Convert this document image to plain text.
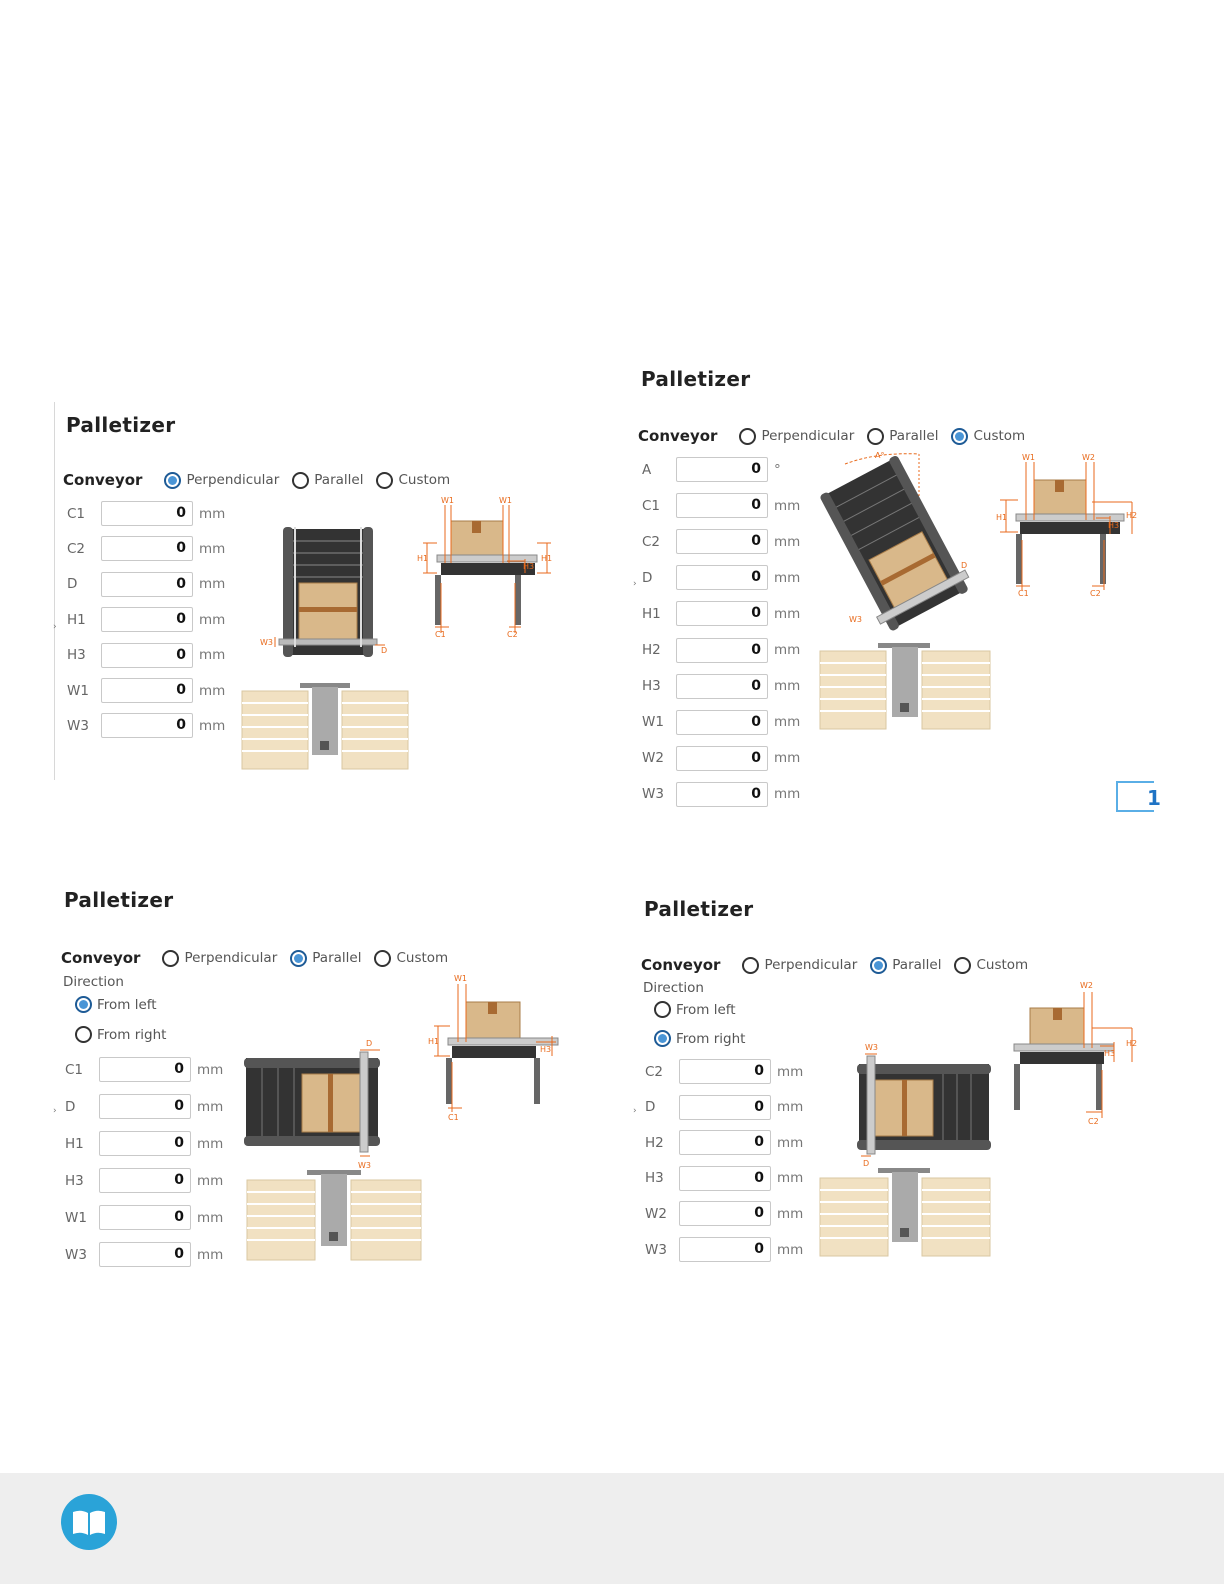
›
Palletizer
Conveyor	Perpendicular	Parallel	Custom
C1	0 mm
C2	0 mm
D	0 mm
H1	0 mm
H3	0 mm
W1	0 mm
W3	0 mm
›
Palletizer
Conveyor	Perpendicular	Parallel	Custom
A	0 °
C1	0 mm
C2	0 mm
D	0 mm
H1	0 mm
H2	0 mm
H3	0 mm
W1	0 mm
W2	0 mm
W3	0 mm	1
›
Palletizer
Conveyor	Perpendicular	Parallel	Custom
Direction
From left
From right
C1	0 mm
D	0 mm
H1	0 mm
H3	0 mm
W1	0 mm
W3	0 mm
›
Palletizer
Conveyor	Perpendicular	Parallel	Custom
Direction
From left
From right
C2	0 mm
D	0 mm
H2	0 mm
H3	0 mm
W2	0 mm
W3	0 mm
W3
D
W1	W1
H1	H1
H3
C1	C2
A°
D
W3
W1	W2
H1	H2
H3
C1	C2
D
W3
W1
H1
H3
C1
W3
D
W2
H2
H3
C2
